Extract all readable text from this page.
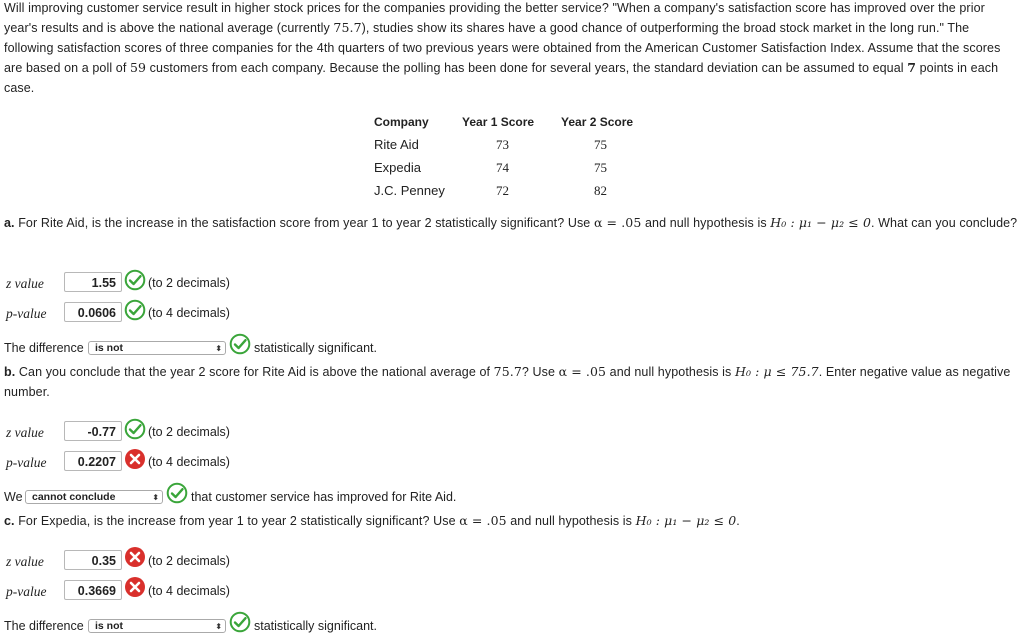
Will improving customer service result in higher stock prices for the companies providing the better service? "When a company's satisfaction score has improved over the prior year's results and is above the national average (currently 75.7), studies show its shares have a good chance of outperforming the broad stock market in the long run." The following satisfaction scores of three companies for the 4th quarters of two previous years were obtained from the American Customer Satisfaction Index. Assume that the scores are based on a poll of 59 customers from each company. Because the polling has been done for several years, the standard deviation can be assumed to equal 7 points in each case.
Company	Year 1 Score	Year 2 Score
Rite Aid	73	75
Expedia	74	75
J.C. Penney	72	82
a. For Rite Aid, is the increase in the satisfaction score from year 1 to year 2 statistically significant? Use α = .05 and null hypothesis is H₀ : μ₁ − μ₂ ≤ 0. What can you conclude?
z value	1.55	(to 2 decimals)
p-value	0.0606	(to 4 decimals)
The difference	is not	⬍	statistically significant.
b. Can you conclude that the year 2 score for Rite Aid is above the national average of 75.7? Use α = .05 and null hypothesis is H₀ : μ ≤ 75.7. Enter negative value as negative number.
z value	-0.77	(to 2 decimals)
p-value	0.2207	(to 4 decimals)
We cannot conclude	⬍	that customer service has improved for Rite Aid.
c. For Expedia, is the increase from year 1 to year 2 statistically significant? Use α = .05 and null hypothesis is H₀ : μ₁ − μ₂ ≤ 0.
z value	0.35	(to 2 decimals)
p-value	0.3669	(to 4 decimals)
The difference	is not	⬍	statistically significant.
